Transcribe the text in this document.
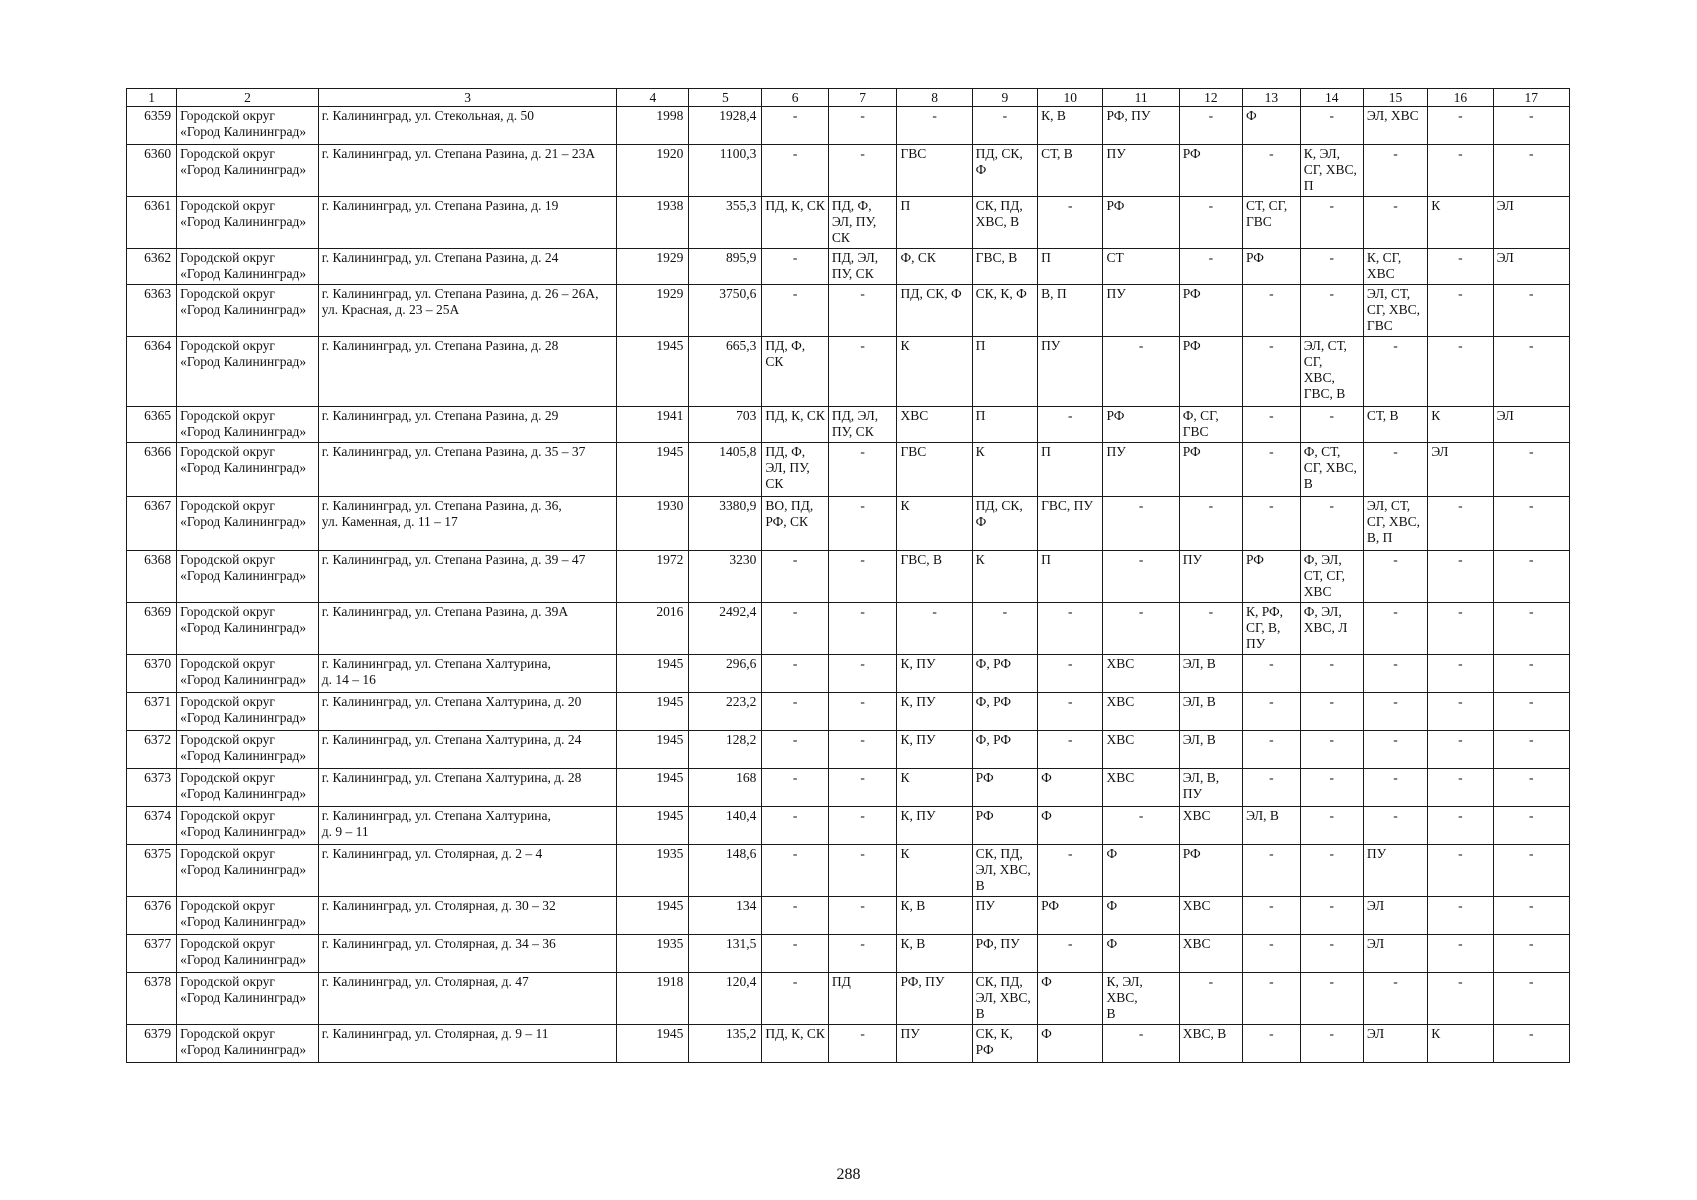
1	2	3	4	5	6	7	8	9	10	11	12	13	14	15	16	17
6359	Городской округ
«Город Калининград»	г. Калининград, ул. Стекольная, д. 50	1998	1928,4	-	-	-	-	К, В	РФ, ПУ	-	Ф	-	ЭЛ, ХВС	-	-
6360	Городской округ
«Город Калининград»	г. Калининград, ул. Степана Разина, д. 21 – 23А	1920	1100,3	-	-	ГВС	ПД, СК,
Ф	СТ, В	ПУ	РФ	-	К, ЭЛ,
СГ, ХВС,
П	-	-	-
6361	Городской округ
«Город Калининград»	г. Калининград, ул. Степана Разина, д. 19	1938	355,3	ПД, К, СК	ПД, Ф,
ЭЛ, ПУ,
СК	П	СК, ПД,
ХВС, В	-	РФ	-	СТ, СГ,
ГВС	-	-	К	ЭЛ
6362	Городской округ
«Город Калининград»	г. Калининград, ул. Степана Разина, д. 24	1929	895,9	-	ПД, ЭЛ,
ПУ, СК	Ф, СК	ГВС, В	П	СТ	-	РФ	-	К, СГ,
ХВС	-	ЭЛ
6363	Городской округ
«Город Калининград»	г. Калининград, ул. Степана Разина, д. 26 – 26А,
ул. Красная, д. 23 – 25А	1929	3750,6	-	-	ПД, СК, Ф	СК, К, Ф	В, П	ПУ	РФ	-	-	ЭЛ, СТ,
СГ, ХВС,
ГВС	-	-
6364	Городской округ
«Город Калининград»	г. Калининград, ул. Степана Разина, д. 28	1945	665,3	ПД, Ф, СК	-	К	П	ПУ	-	РФ	-	ЭЛ, СТ,
СГ,
ХВС,
ГВС, В	-	-	-
6365	Городской округ
«Город Калининград»	г. Калининград, ул. Степана Разина, д. 29	1941	703	ПД, К, СК	ПД, ЭЛ,
ПУ, СК	ХВС	П	-	РФ	Ф, СГ,
ГВС	-	-	СТ, В	К	ЭЛ
6366	Городской округ
«Город Калининград»	г. Калининград, ул. Степана Разина, д. 35 – 37	1945	1405,8	ПД, Ф,
ЭЛ, ПУ,
СК	-	ГВС	К	П	ПУ	РФ	-	Ф, СТ,
СГ, ХВС,
В	-	ЭЛ	-
6367	Городской округ
«Город Калининград»	г. Калининград, ул. Степана Разина, д. 36,
ул. Каменная, д. 11 – 17	1930	3380,9	ВО, ПД,
РФ, СК	-	К	ПД, СК,
Ф	ГВС, ПУ	-	-	-	-	ЭЛ, СТ,
СГ, ХВС,
В, П	-	-
6368	Городской округ
«Город Калининград»	г. Калининград, ул. Степана Разина, д. 39 – 47	1972	3230	-	-	ГВС, В	К	П	-	ПУ	РФ	Ф, ЭЛ,
СТ, СГ,
ХВС	-	-	-
6369	Городской округ
«Город Калининград»	г. Калининград, ул. Степана Разина, д. 39А	2016	2492,4	-	-	-	-	-	-	-	К, РФ,
СГ, В,
ПУ	Ф, ЭЛ,
ХВС, Л	-	-	-
6370	Городской округ
«Город Калининград»	г. Калининград, ул. Степана Халтурина,
д. 14 – 16	1945	296,6	-	-	К, ПУ	Ф, РФ	-	ХВС	ЭЛ, В	-	-	-	-	-
6371	Городской округ
«Город Калининград»	г. Калининград, ул. Степана Халтурина, д. 20	1945	223,2	-	-	К, ПУ	Ф, РФ	-	ХВС	ЭЛ, В	-	-	-	-	-
6372	Городской округ
«Город Калининград»	г. Калининград, ул. Степана Халтурина, д. 24	1945	128,2	-	-	К, ПУ	Ф, РФ	-	ХВС	ЭЛ, В	-	-	-	-	-
6373	Городской округ
«Город Калининград»	г. Калининград, ул. Степана Халтурина, д. 28	1945	168	-	-	К	РФ	Ф	ХВС	ЭЛ, В,
ПУ	-	-	-	-	-
6374	Городской округ
«Город Калининград»	г. Калининград, ул. Степана Халтурина,
д. 9 – 11	1945	140,4	-	-	К, ПУ	РФ	Ф	-	ХВС	ЭЛ, В	-	-	-	-
6375	Городской округ
«Город Калининград»	г. Калининград, ул. Столярная, д. 2 – 4	1935	148,6	-	-	К	СК, ПД,
ЭЛ, ХВС,
В	-	Ф	РФ	-	-	ПУ	-	-
6376	Городской округ
«Город Калининград»	г. Калининград, ул. Столярная, д. 30 – 32	1945	134	-	-	К, В	ПУ	РФ	Ф	ХВС	-	-	ЭЛ	-	-
6377	Городской округ
«Город Калининград»	г. Калининград, ул. Столярная, д. 34 – 36	1935	131,5	-	-	К, В	РФ, ПУ	-	Ф	ХВС	-	-	ЭЛ	-	-
6378	Городской округ
«Город Калининград»	г. Калининград, ул. Столярная, д. 47	1918	120,4	-	ПД	РФ, ПУ	СК, ПД,
ЭЛ, ХВС,
В	Ф	К, ЭЛ, ХВС,
В	-	-	-	-	-	-
6379	Городской округ
«Город Калининград»	г. Калининград, ул. Столярная, д. 9 – 11	1945	135,2	ПД, К, СК	-	ПУ	СК, К, РФ	Ф	-	ХВС, В	-	-	ЭЛ	К	-
288
